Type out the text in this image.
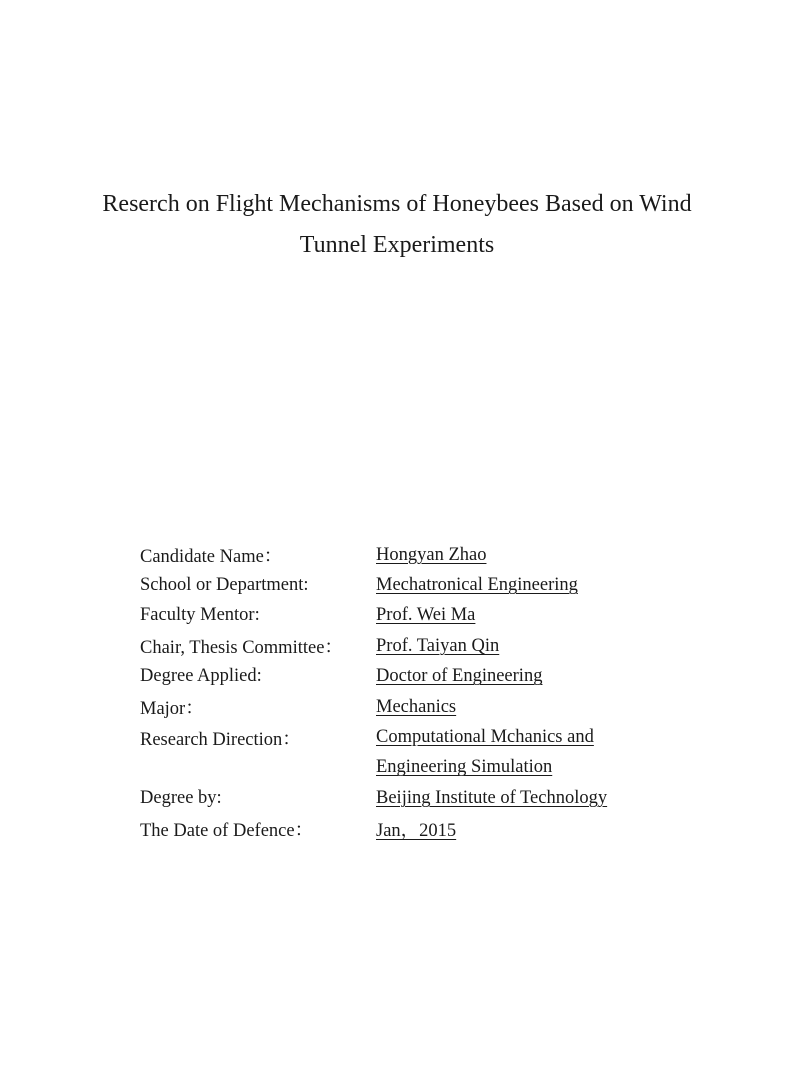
Reserch on Flight Mechanisms of Honeybees Based on Wind
Tunnel Experiments
Candidate Name：	Hongyan Zhao
School or Department:	Mechatronical Engineering
Faculty Mentor:	Prof. Wei Ma
Chair, Thesis Committee：	Prof. Taiyan Qin
Degree Applied:	Doctor of Engineering
Major：	Mechanics
Research Direction：	Computational Mchanics and
Engineering Simulation
Degree by:	Beijing Institute of Technology
The Date of Defence：	Jan，2015
